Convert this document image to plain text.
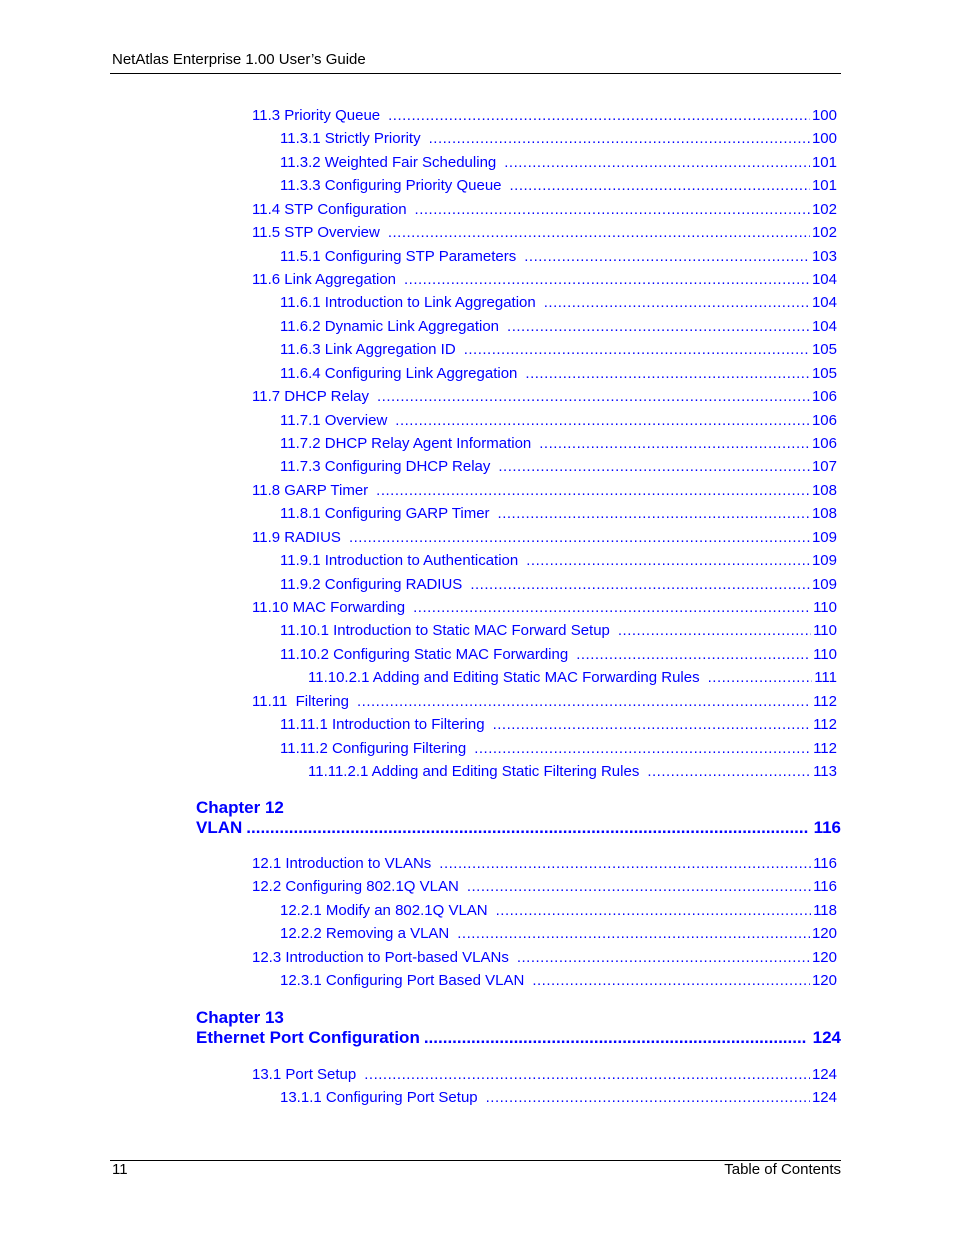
NetAtlas Enterprise 1.00 User’s Guide
11.3 Priority Queue .....	100
11.3.1 Strictly Priority .....	100
11.3.2 Weighted Fair Scheduling .....	101
11.3.3 Configuring Priority Queue .....	101
11.4 STP Configuration .....	102
11.5 STP Overview .....	102
11.5.1 Configuring STP Parameters .....	103
11.6 Link Aggregation .....	104
11.6.1 Introduction to Link Aggregation .....	104
11.6.2 Dynamic Link Aggregation .....	104
11.6.3 Link Aggregation ID .....	105
11.6.4 Configuring Link Aggregation .....	105
11.7 DHCP Relay .....	106
11.7.1 Overview .....	106
11.7.2 DHCP Relay Agent Information .....	106
11.7.3 Configuring DHCP Relay .....	107
11.8 GARP Timer .....	108
11.8.1 Configuring GARP Timer .....	108
11.9 RADIUS .....	109
11.9.1 Introduction to Authentication .....	109
11.9.2 Configuring RADIUS .....	109
11.10 MAC Forwarding .....	110
11.10.1 Introduction to Static MAC Forward Setup .....	110
11.10.2 Configuring Static MAC Forwarding .....	110
11.10.2.1 Adding and Editing Static MAC Forwarding Rules .....	111
11.11  Filtering .....	112
11.11.1 Introduction to Filtering .....	112
11.11.2 Configuring Filtering .....	112
11.11.2.1 Adding and Editing Static Filtering Rules .....	113
Chapter 12
VLAN .....	116
12.1 Introduction to VLANs .....	116
12.2 Configuring 802.1Q VLAN .....	116
12.2.1 Modify an 802.1Q VLAN .....	118
12.2.2 Removing a VLAN .....	120
12.3 Introduction to Port-based VLANs .....	120
12.3.1 Configuring Port Based VLAN .....	120
Chapter 13
Ethernet Port Configuration .....	124
13.1 Port Setup .....	124
13.1.1 Configuring Port Setup .....	124
11	Table of Contents
